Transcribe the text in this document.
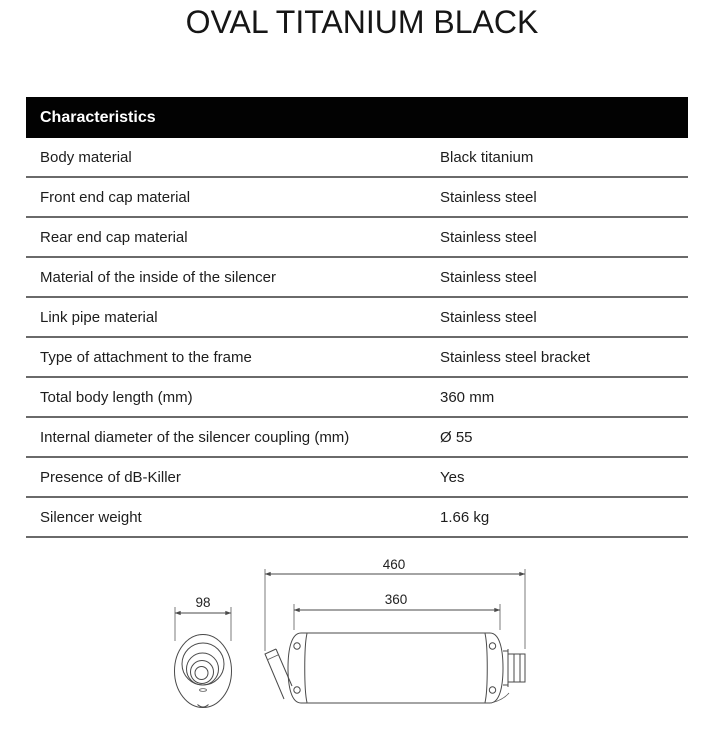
OVAL TITANIUM BLACK
Characteristics
Body material	Black titanium
Front end cap material	Stainless steel
Rear end cap material	Stainless steel
Material of the inside of the silencer	Stainless steel
Link pipe material	Stainless steel
Type of attachment to the frame	Stainless steel bracket
Total body length (mm)	360 mm
Internal diameter of the silencer coupling (mm)	Ø 55
Presence of dB-Killer	Yes
Silencer weight	1.66 kg
98
460
360
